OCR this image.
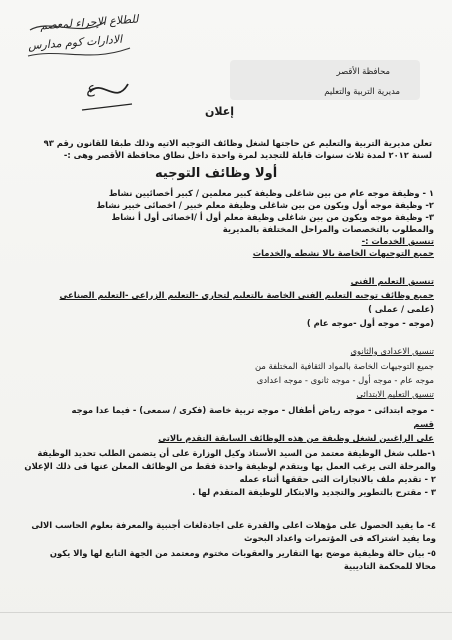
محافظة الأقصر
مديرية التربية والتعليم
للطلاع الإجراء لمعصم
الادارات كوم مدارس
ع
إعلان
تعلن مديرية التربية والتعليم عن حاجتها لشغل وظائف التوجيه الاتيه وذلك طبقا للقانون رقم ٩٣
لسنة ٢٠١٢ لمدة ثلاث سنوات قابلة للتجديد لمرة واحدة داخل نطاق محافظة الأقصر وهى :-
أولا وظائف التوجيه
١ - وظيفة موجه عام من بين شاغلى وظيفة كبير معلمين / كبير أخصائيين نشاط
٢- وظيفة موجه أول ويكون من بين شاغلى وظيفة معلم خبير / اخصائى خبير نشاط
٣- وظيفة موجه ويكون من بين شاغلى وظيفة معلم أول أ /اخصائى أول أ نشاط
والمطلوب بالتخصصات والمراحل المختلفة بالمديرية
تنسيق الخدمات :-
جميع التوجيهات الخاصة بالا نشطه والخدمات
تنسيق التعليم الفنى
جميع وظائف توجيه التعليم الفنى الخاصة بالتعليم لتجارى -التعليم الزراعى -التعليم الصناعى
(علمى / عملى )
(موجه - موجه أول -موجه عام )
تنسيق الاعدادى والثانوى
جميع التوجيهات الخاصة بالمواد الثقافية المختلفة من
موجه عام - موجه أول - موجه ثانوى - موجه اعدادى
تنسيق التعليم الابتدائى
- موجه ابتدائى - موجه رياض أطفال - موجه تربية خاصة (فكرى / سمعى) - فيما عدا موجه
قسم
على الراغبين لشغل وظيفة من هذه الوظائف السابقة التقدم بالاتى
١-طلب شغل الوظيفة معتمد من السيد الأستاذ وكيل الوزارة على أن يتضمن الطلب تحديد الوظيفة
والمرحلة التى يرغب العمل بها ويتقدم لوظيفة واحدة فقط من الوظائف المعلن عنها فى ذلك الإعلان
٢ - تقديم ملف بالانجازات التى حققها أثناء عمله
٣ - مقترح بالتطوير والتجديد والابتكار للوظيفة المتقدم لها .
٤- ما يفيد الحصول على مؤهلات اعلى والقدرة على اجادةلغات أجنبية والمعرفة بعلوم الحاسب الالى
وما يفيد اشتراكه فى المؤتمرات واعداد البحوث
٥- بيان حالة وظيفية موضح بها التقارير والعقوبات مختوم ومعتمد من الجهة التابع لها والا يكون
محالا للمحكمة التاديبية
